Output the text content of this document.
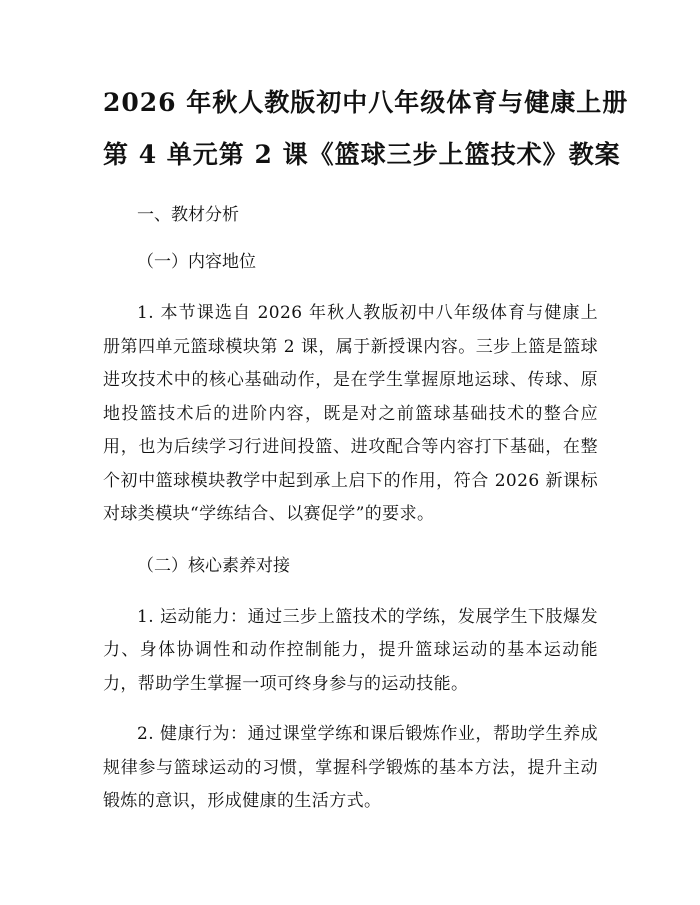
2026 年秋人教版初中八年级体育与健康上册
第 4 单元第 2 课《篮球三步上篮技术》教案

一、教材分析

（一）内容地位

1. 本节课选自 2026 年秋人教版初中八年级体育与健康上册第四单元篮球模块第 2 课，属于新授课内容。三步上篮是篮球进攻技术中的核心基础动作，是在学生掌握原地运球、传球、原地投篮技术后的进阶内容，既是对之前篮球基础技术的整合应用，也为后续学习行进间投篮、进攻配合等内容打下基础，在整个初中篮球模块教学中起到承上启下的作用，符合 2026 新课标对球类模块“学练结合、以赛促学”的要求。

（二）核心素养对接

1. 运动能力：通过三步上篮技术的学练，发展学生下肢爆发力、身体协调性和动作控制能力，提升篮球运动的基本运动能力，帮助学生掌握一项可终身参与的运动技能。

2. 健康行为：通过课堂学练和课后锻炼作业，帮助学生养成规律参与篮球运动的习惯，掌握科学锻炼的基本方法，提升主动锻炼的意识，形成健康的生活方式。
